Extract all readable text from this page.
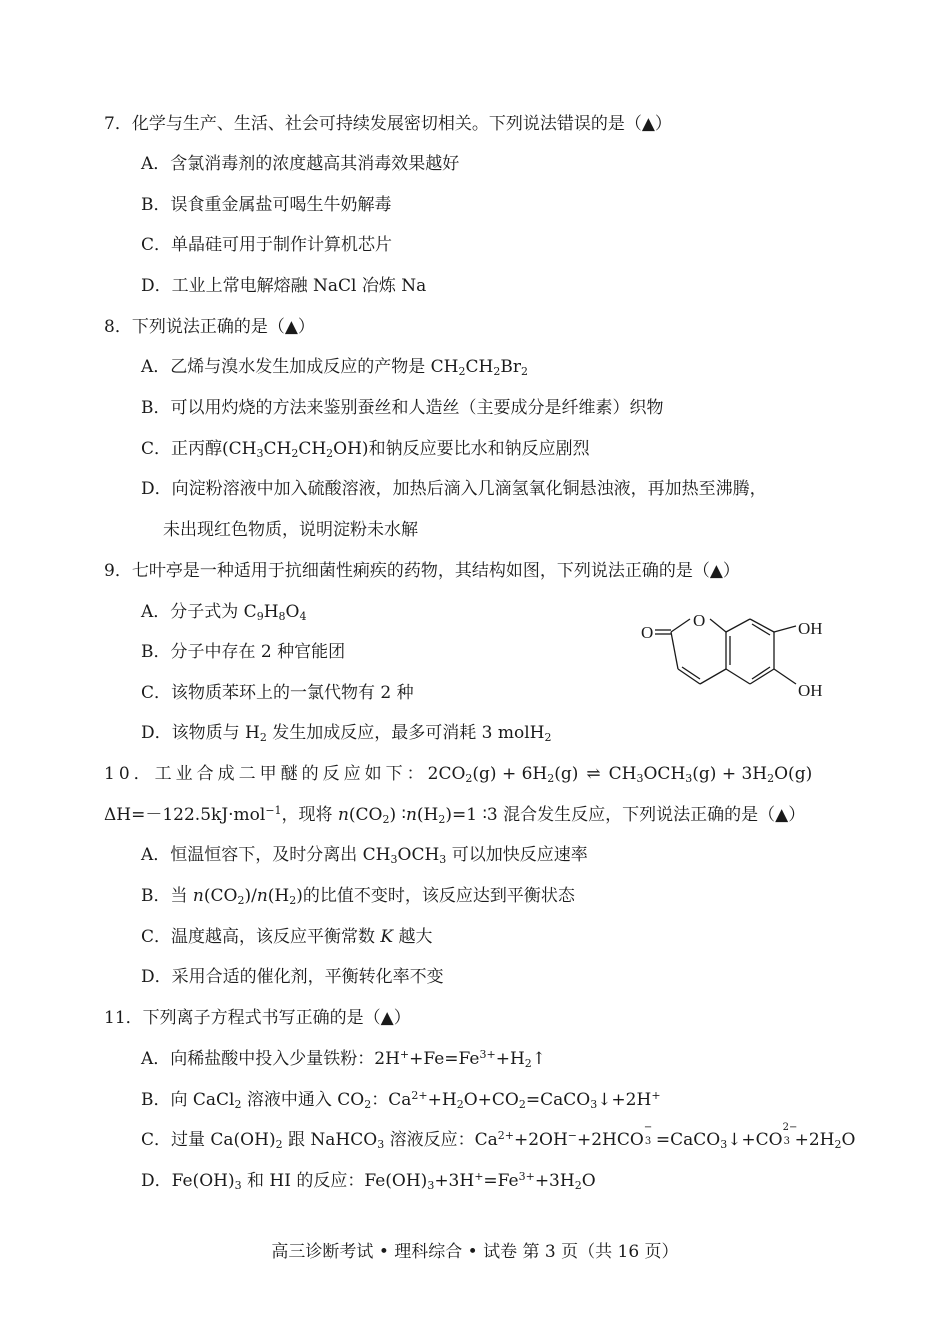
7．化学与生产、生活、社会可持续发展密切相关。下列说法错误的是（▲）
A．含氯消毒剂的浓度越高其消毒效果越好
B．误食重金属盐可喝生牛奶解毒
C．单晶硅可用于制作计算机芯片
D．工业上常电解熔融 NaCl 冶炼 Na
8．下列说法正确的是（▲）
A．乙烯与溴水发生加成反应的产物是 $CH_2CH_2Br_2$
B．可以用灼烧的方法来鉴别蚕丝和人造丝（主要成分是纤维素）织物
C．正丙醇$(CH_3CH_2CH_2OH)$和钠反应要比水和钠反应剧烈
D．向淀粉溶液中加入硫酸溶液，加热后滴入几滴氢氧化铜悬浊液，再加热至沸腾，
未出现红色物质，说明淀粉未水解
9．七叶亭是一种适用于抗细菌性痢疾的药物，其结构如图，下列说法正确的是（▲）
A．分子式为 $C_9H_8O_4$
B．分子中存在 2 种官能团
C．该物质苯环上的一氯代物有 2 种
D．该物质与 $H_2$ 发生加成反应，最多可消耗 3 molH$_2$
O
O	OH
OH
10．工业合成二甲醚的反应如下：$2CO_2(g) + 6H_2(g)$ ⇌ $CH_3OCH_3(g) + 3H_2O(g)$
ΔH=－122.5kJ·mol$^{-1}$，现将 $n(CO_2)$ $∶n(H_2)=1$ ∶3 混合发生反应，下列说法正确的是（▲）
A．恒温恒容下，及时分离出 $CH_3OCH_3$ 可以加快反应速率
B．当 $n(CO_2)/n(H_2)$的比值不变时，该反应达到平衡状态
C．温度越高，该反应平衡常数 K 越大
D．采用合适的催化剂，平衡转化率不变
11．下列离子方程式书写正确的是（▲）
A．向稀盐酸中投入少量铁粉：$2H^++Fe=Fe^{3+}+H_2↑$
B．向 CaCl$_2$ 溶液中通入 $CO_2$：$Ca^{2+}+H_2O+CO_2=CaCO_3↓+2H^+$
C．过量 $Ca(OH)_2$ 跟 NaHCO$_3$ 溶液反应：$Ca^{2+}+2OH^-+2HCO$
−
3 =CaCO$_3$↓+CO
2−
$3 +2H_2O$
D．$Fe(OH)_3$ 和 HI 的反应：$Fe(OH)_3+3H^+=Fe^{3+}+3H_2O$
高三诊断考试 • 理科综合 • 试卷 第 3 页（共 16 页）
